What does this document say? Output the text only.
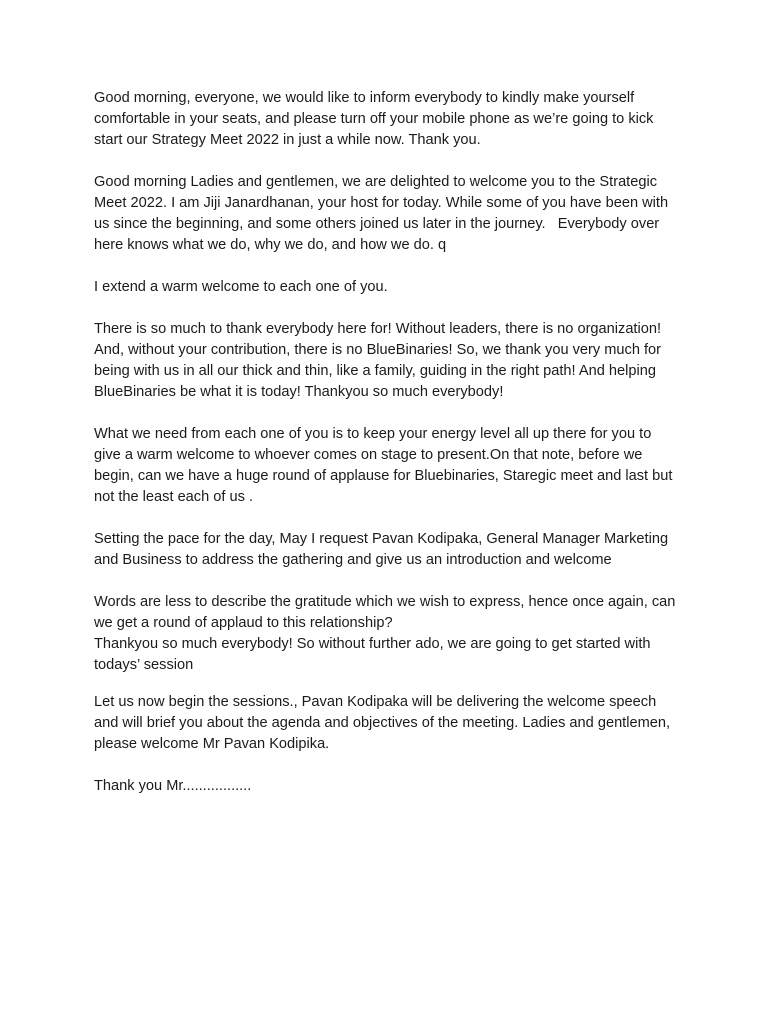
Good morning, everyone, we would like to inform everybody to kindly make yourself comfortable in your seats, and please turn off your mobile phone as we’re going to kick start our Strategy Meet 2022 in just a while now. Thank you.

Good morning Ladies and gentlemen, we are delighted to welcome you to the Strategic Meet 2022. I am Jiji Janardhanan, your host for today. While some of you have been with us since the beginning, and some others joined us later in the journey.   Everybody over here knows what we do, why we do, and how we do. q

I extend a warm welcome to each one of you.

There is so much to thank everybody here for! Without leaders, there is no organization! And, without your contribution, there is no BlueBinaries! So, we thank you very much for being with us in all our thick and thin, like a family, guiding in the right path! And helping BlueBinaries be what it is today! Thankyou so much everybody!

What we need from each one of you is to keep your energy level all up there for you to give a warm welcome to whoever comes on stage to present.On that note, before we begin, can we have a huge round of applause for Bluebinaries, Staregic meet and last but not the least each of us .

Setting the pace for the day, May I request Pavan Kodipaka, General Manager Marketing and Business to address the gathering and give us an introduction and welcome

Words are less to describe the gratitude which we wish to express, hence once again, can we get a round of applaud to this relationship?

Thankyou so much everybody! So without further ado, we are going to get started with todays’ session

Let us now begin the sessions., Pavan Kodipaka will be delivering the welcome speech and will brief you about the agenda and objectives of the meeting. Ladies and gentlemen, please welcome Mr Pavan Kodipika.

Thank you Mr.................
